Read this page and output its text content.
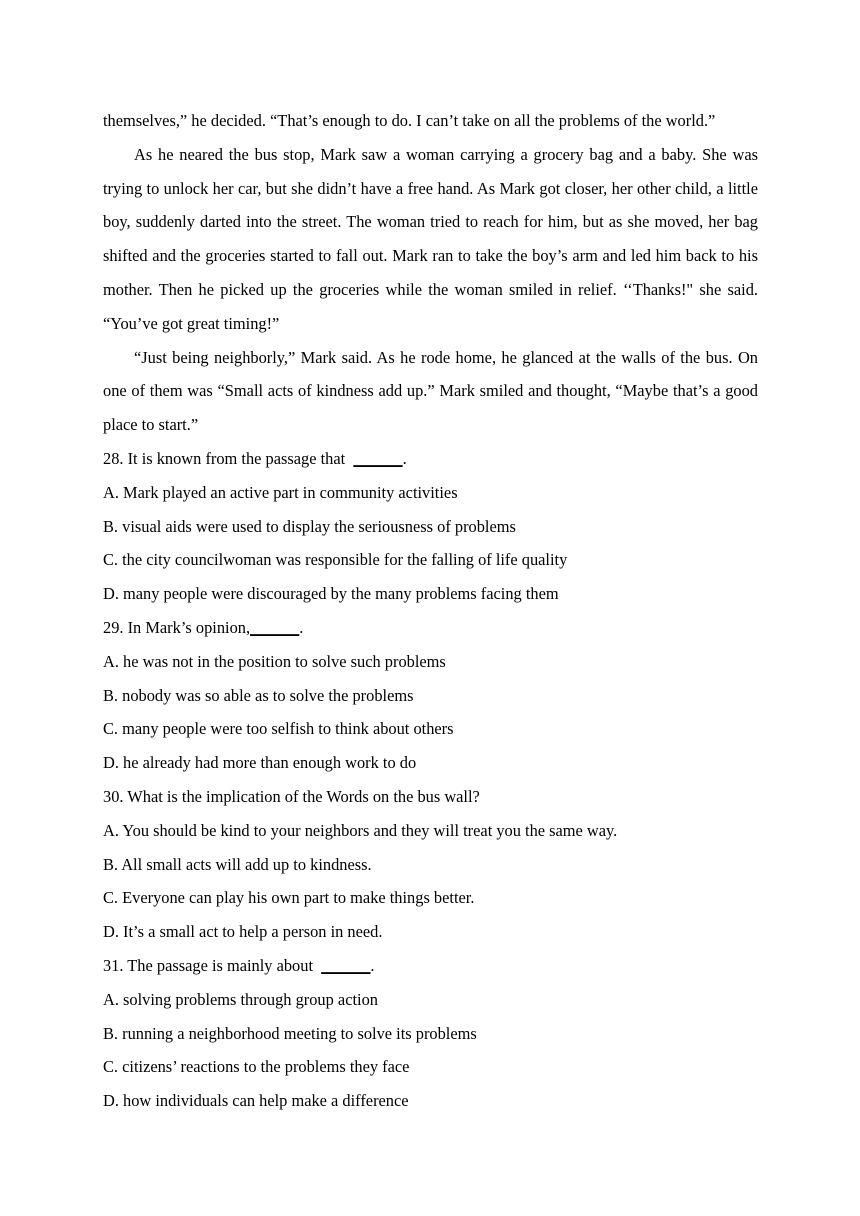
themselves,” he decided. “That’s enough to do. I can’t take on all the problems of the world.”

As he neared the bus stop, Mark saw a woman carrying a grocery bag and a baby. She was trying to unlock her car, but she didn’t have a free hand. As Mark got closer, her other child, a little boy, suddenly darted into the street. The woman tried to reach for him, but as she moved, her bag shifted and the groceries started to fall out. Mark ran to take the boy’s arm and led him back to his mother. Then he picked up the groceries while the woman smiled in relief. ‘‘Thanks!" she said. “You’ve got great timing!”

“Just being neighborly,” Mark said. As he rode home, he glanced at the walls of the bus. On one of them was “Small acts of kindness add up.” Mark smiled and thought, “Maybe that’s a good place to start.”

28. It is known from the passage that  ______.

A. Mark played an active part in community activities

B. visual aids were used to display the seriousness of problems

C. the city councilwoman was responsible for the falling of life quality

D. many people were discouraged by the many problems facing them

29. In Mark’s opinion,______.

A. he was not in the position to solve such problems

B. nobody was so able as to solve the problems

C. many people were too selfish to think about others

D. he already had more than enough work to do

30. What is the implication of the Words on the bus wall?

A. You should be kind to your neighbors and they will treat you the same way.

B. All small acts will add up to kindness.

C. Everyone can play his own part to make things better.

D. It’s a small act to help a person in need.

31. The passage is mainly about  ______.

A. solving problems through group action

B. running a neighborhood meeting to solve its problems

C. citizens’ reactions to the problems they face

D. how individuals can help make a difference
